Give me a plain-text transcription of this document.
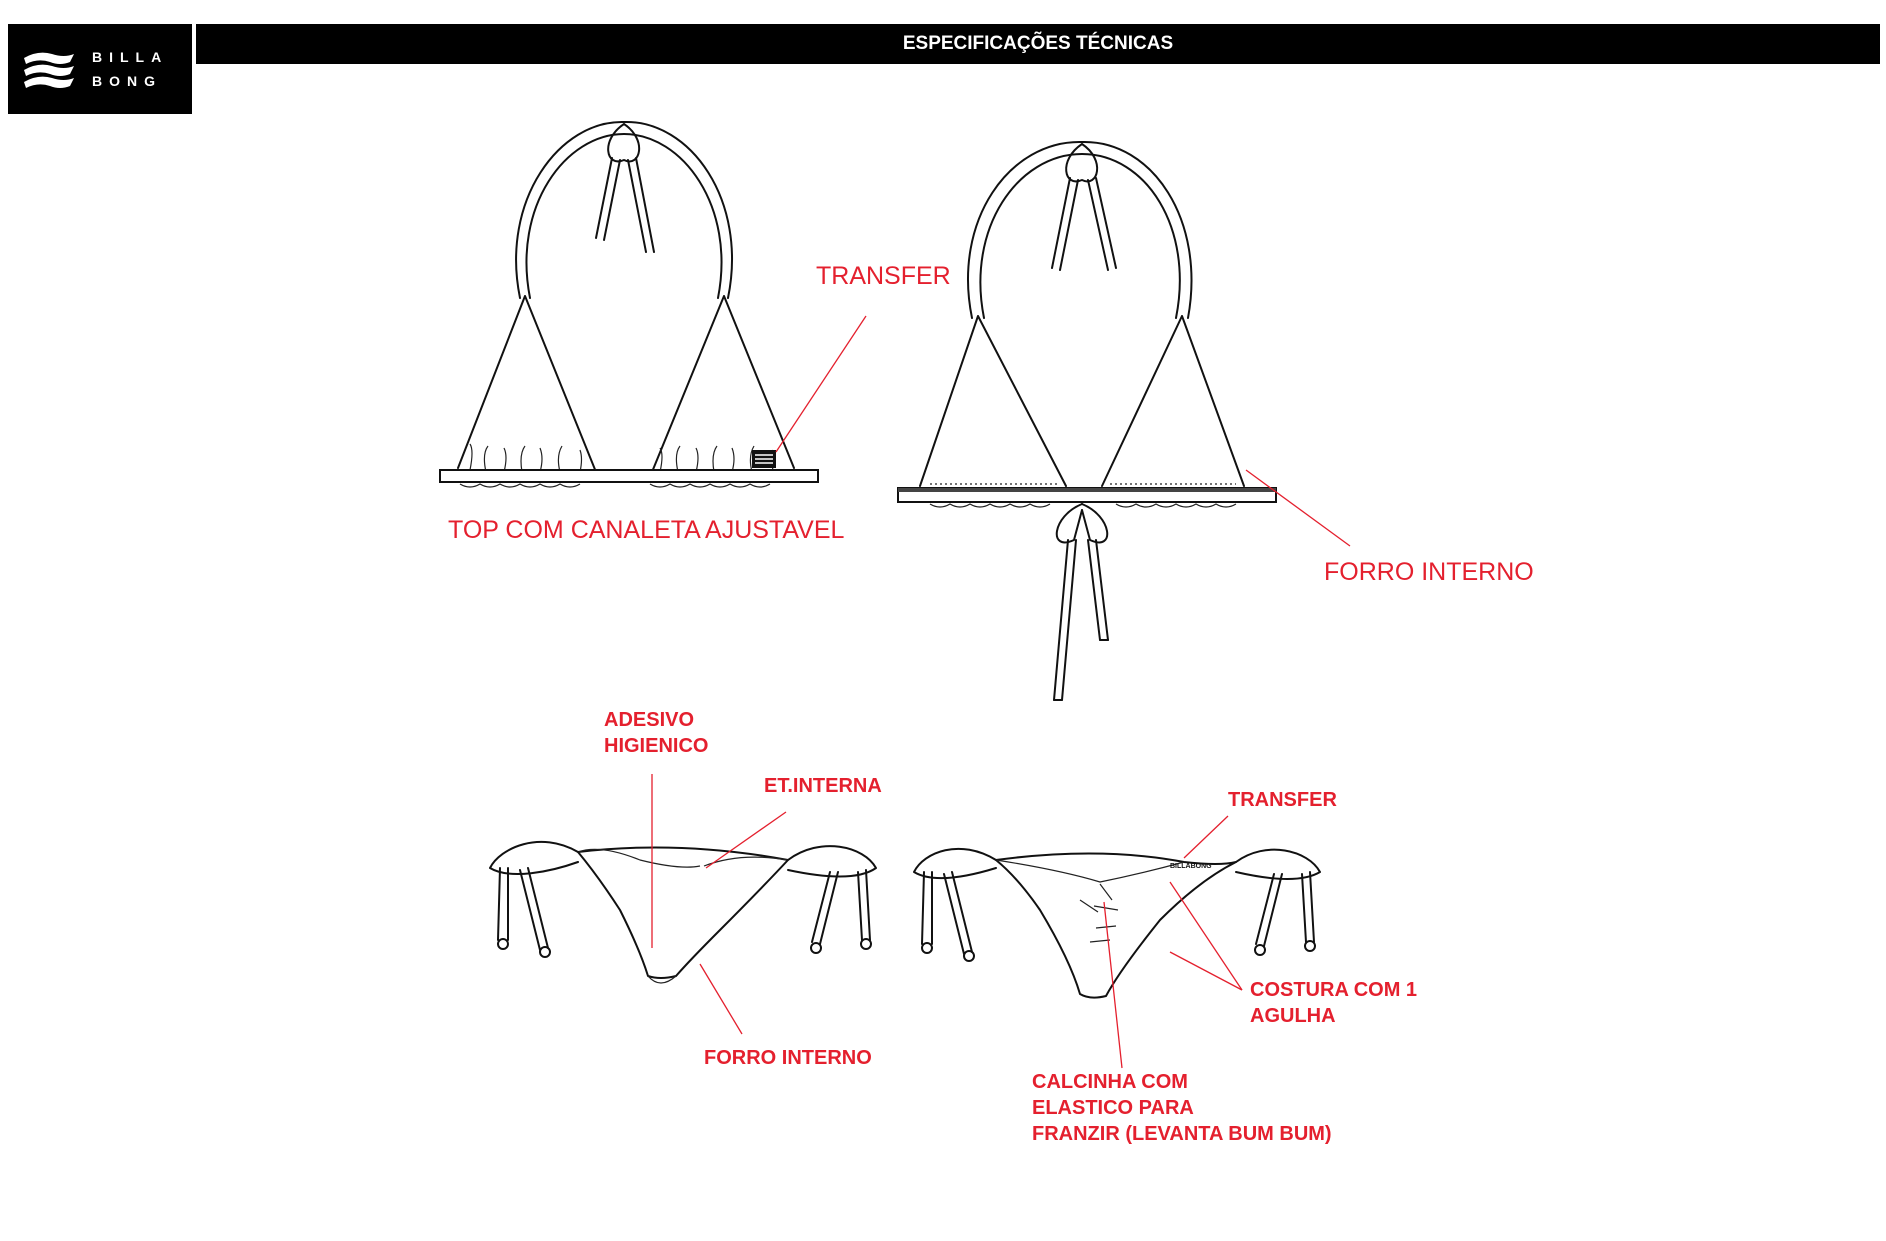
BILLA
BONG
ESPECIFICAÇÕES TÉCNICAS
BILLABONG
TRANSFER
TOP COM CANALETA AJUSTAVEL
FORRO INTERNO
ADESIVO
HIGIENICO
ET.INTERNA
FORRO INTERNO
TRANSFER
COSTURA COM 1
AGULHA
CALCINHA COM
ELASTICO PARA
FRANZIR (LEVANTA BUM BUM)
